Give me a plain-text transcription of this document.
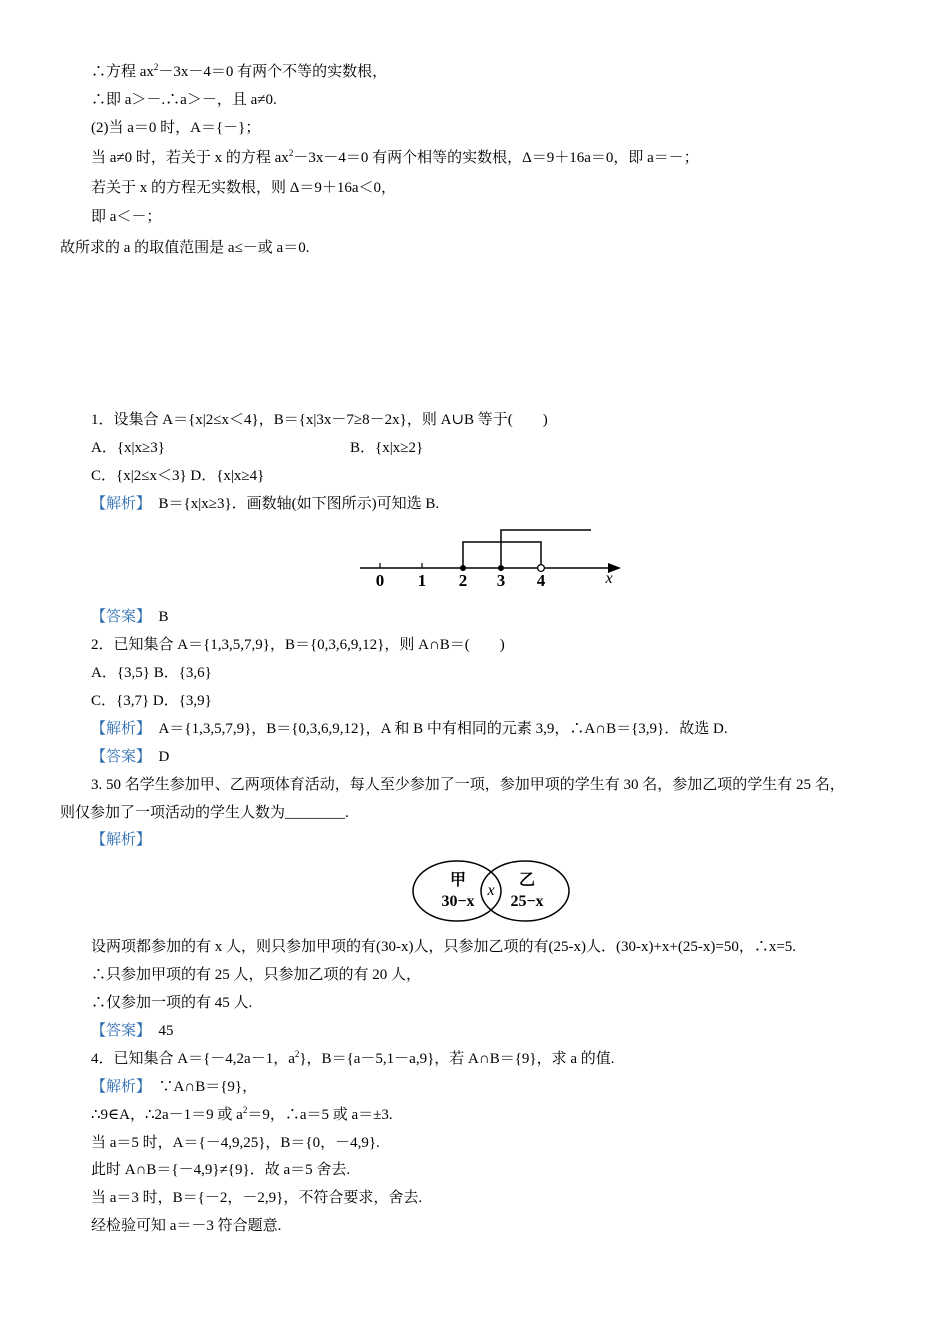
∴方程 $ax^2-3x-4=0$ 有两个不等的实数根，
∴即 a＞－.∴a＞－，且 a≠0.
(2)当 a＝0 时，A＝{－}；
当 a≠0 时，若关于 x 的方程 $ax^2-3x-4=0$ 有两个相等的实数根，Δ＝9＋16a＝0，即 a＝－；
若关于 x 的方程无实数根，则 Δ＝9＋16a＜0，
即 a＜－；
故所求的 a 的取值范围是 a≤－或 a＝0.
1．设集合 A＝{x|2≤x＜4}，B＝{x|3x－7≥8－2x}，则 A∪B 等于(　　)
A．{x|x≥3}	B．{x|x≥2}
C．{x|2≤x＜3} D．{x|x≥4}
【解析】　 B＝{x|x≥3}．画数轴(如下图所示)可知选 B.
0 1 2 3 4	x
【答案】　 B
2．已知集合 A＝{1,3,5,7,9}，B＝{0,3,6,9,12}，则 A∩B＝(　　)
A．{3,5} B．{3,6}
C．{3,7} D．{3,9}
【解析】　 A＝{1,3,5,7,9}，B＝{0,3,6,9,12}，A 和 B 中有相同的元素 3,9，∴A∩B＝{3,9}．故选 D.
【答案】　 D
3. 50 名学生参加甲、乙两项体育活动，每人至少参加了一项，参加甲项的学生有 30 名，参加乙项的学生有 25 名，
则仅参加了一项活动的学生人数为________.
【解析】
甲
30−x
x
乙
25−x
设两项都参加的有 x 人，则只参加甲项的有(30-x)人，只参加乙项的有(25-x)人．(30-x)+x+(25-x)=50，∴x=5.
∴只参加甲项的有 25 人，只参加乙项的有 20 人，
∴仅参加一项的有 45 人.
【答案】　 45
4．已知集合 A＝{－4,2a－1，$a^2$}，B＝{a－5,1－a,9}，若 A∩B＝{9}，求 a 的值.
【解析】　 ∵A∩B＝{9}，
∴9∈A，∴2a－1＝9 或 $a^2=9$，∴a＝5 或 a＝±3.
当 a＝5 时，A＝{－4,9,25}，B＝{0，－4,9}.
此时 A∩B＝{－4,9}≠{9}．故 a＝5 舍去.
当 a＝3 时，B＝{－2，－2,9}，不符合要求，舍去.
经检验可知 a＝－3 符合题意.
